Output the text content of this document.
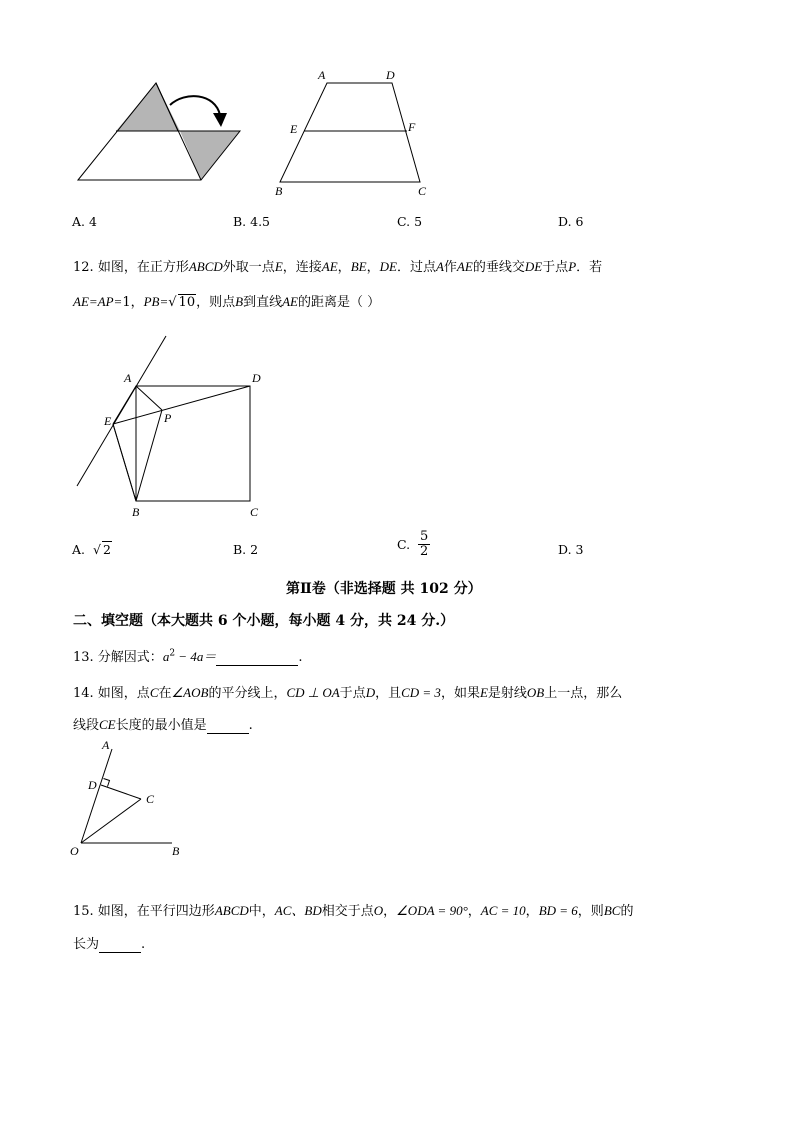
A	D
E	F
B	C
A. 4	B. 4.5	C. 5	D. 6
12. 如图，在正方形ABCD外取一点E，连接AE，BE，DE．过点A作AE的垂线交DE于点P．若
AE=AP=1，PB=√ 10，则点B到直线AE的距离是（ ）
A	D
E	P
B	C
A. √ 2	B. 2	C. $\frac{5}{2}$	D. 3
第Ⅱ卷（非选择题 共 102 分）
二、填空题（本大题共 6 个小题，每小题 4 分，共 24 分.）
13. 分解因式：$a^2 - 4a=$	.
14. 如图，点C在∠AOB的平分线上，CD ⊥ OA于点D，且CD = 3，如果E是射线OB上一点，那么
线段CE长度的最小值是	.
A
D
C
O	B
15. 如图，在平行四边形ABCD中，AC、BD相交于点O，∠ODA = 90°，AC = 10，BD = 6，则BC的
长为	.
